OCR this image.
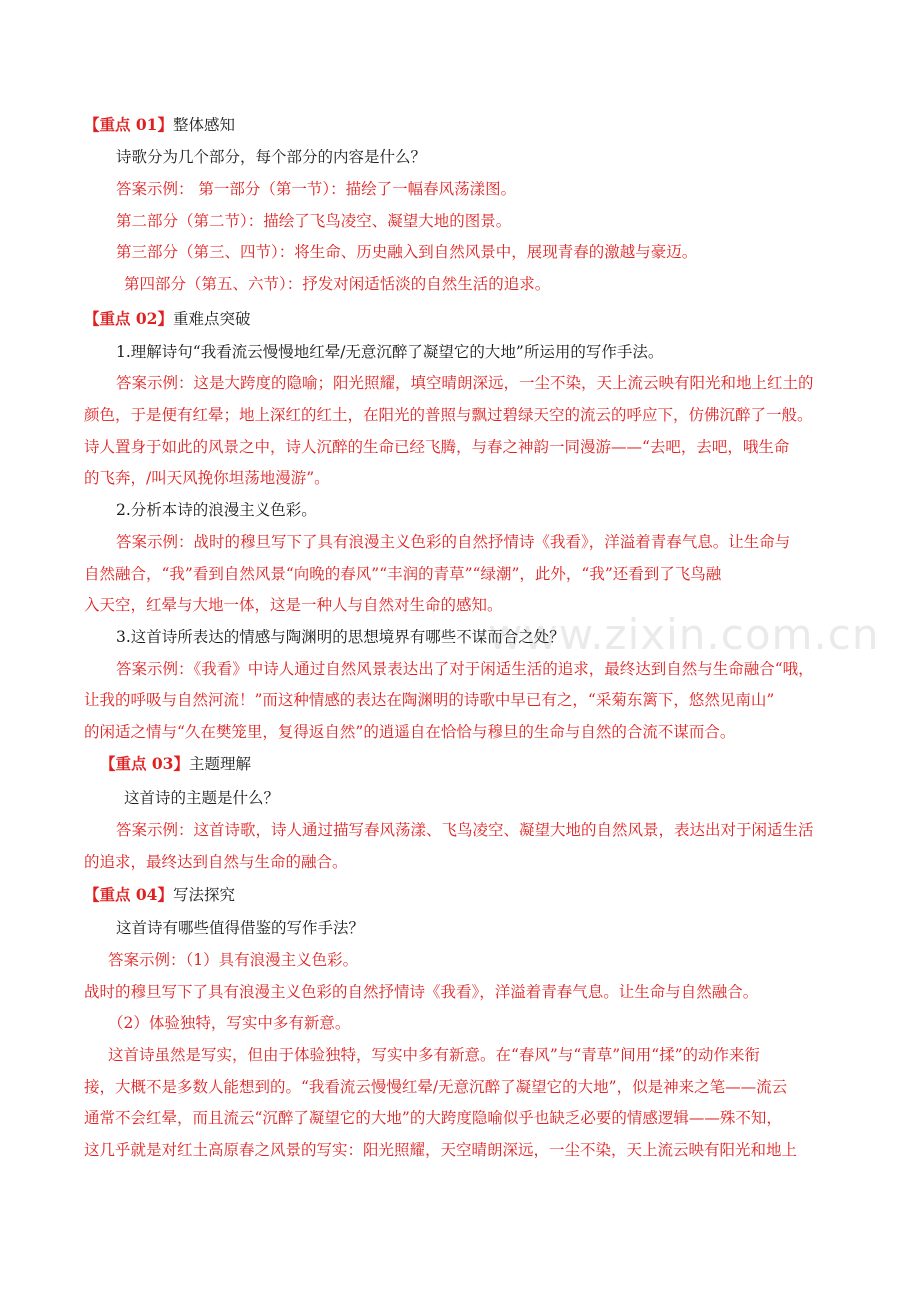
www.zixin.com.cn
【重点 01】整体感知
诗歌分为几个部分，每个部分的内容是什么？
答案示例： 第一部分（第一节）：描绘了一幅春风荡漾图。
第二部分（第二节）：描绘了飞鸟凌空、凝望大地的图景。
第三部分（第三、四节）：将生命、历史融入到自然风景中，展现青春的激越与豪迈。
第四部分（第五、六节）：抒发对闲适恬淡的自然生活的追求。
【重点 02】重难点突破
1.理解诗句“我看流云慢慢地红晕/无意沉醉了凝望它的大地”所运用的写作手法。
答案示例：这是大跨度的隐喻；阳光照耀，填空晴朗深远，一尘不染，天上流云映有阳光和地上红土的
颜色，于是便有红晕；地上深红的红土，在阳光的普照与飘过碧绿天空的流云的呼应下，仿佛沉醉了一般。
诗人置身于如此的风景之中，诗人沉醉的生命已经飞腾，与春之神韵一同漫游——“去吧，去吧，哦生命
的飞奔，/叫天风挽你坦荡地漫游”。
2.分析本诗的浪漫主义色彩。
答案示例：战时的穆旦写下了具有浪漫主义色彩的自然抒情诗《我看》，洋溢着青春气息。让生命与
自然融合，“我”看到自然风景“向晚的春风”“丰润的青草”“绿潮”，此外，“我”还看到了飞鸟融
入天空，红晕与大地一体，这是一种人与自然对生命的感知。
3.这首诗所表达的情感与陶渊明的思想境界有哪些不谋而合之处？
答案示例：《我看》中诗人通过自然风景表达出了对于闲适生活的追求，最终达到自然与生命融合“哦，
让我的呼吸与自然河流！”而这种情感的表达在陶渊明的诗歌中早已有之，“采菊东篱下，悠然见南山”
的闲适之情与“久在樊笼里，复得返自然”的逍遥自在恰恰与穆旦的生命与自然的合流不谋而合。
【重点 03】主题理解
这首诗的主题是什么？
答案示例：这首诗歌，诗人通过描写春风荡漾、飞鸟凌空、凝望大地的自然风景，表达出对于闲适生活
的追求，最终达到自然与生命的融合。
【重点 04】写法探究
这首诗有哪些值得借鉴的写作手法？
答案示例：（1）具有浪漫主义色彩。
战时的穆旦写下了具有浪漫主义色彩的自然抒情诗《我看》，洋溢着青春气息。让生命与自然融合。
（2）体验独特，写实中多有新意。
这首诗虽然是写实，但由于体验独特，写实中多有新意。在“春风”与“青草”间用“揉”的动作来衔
接，大概不是多数人能想到的。“我看流云慢慢红晕/无意沉醉了凝望它的大地”，似是神来之笔——流云
通常不会红晕，而且流云“沉醉了凝望它的大地”的大跨度隐喻似乎也缺乏必要的情感逻辑——殊不知，
这几乎就是对红土高原春之风景的写实：阳光照耀，天空晴朗深远，一尘不染，天上流云映有阳光和地上
